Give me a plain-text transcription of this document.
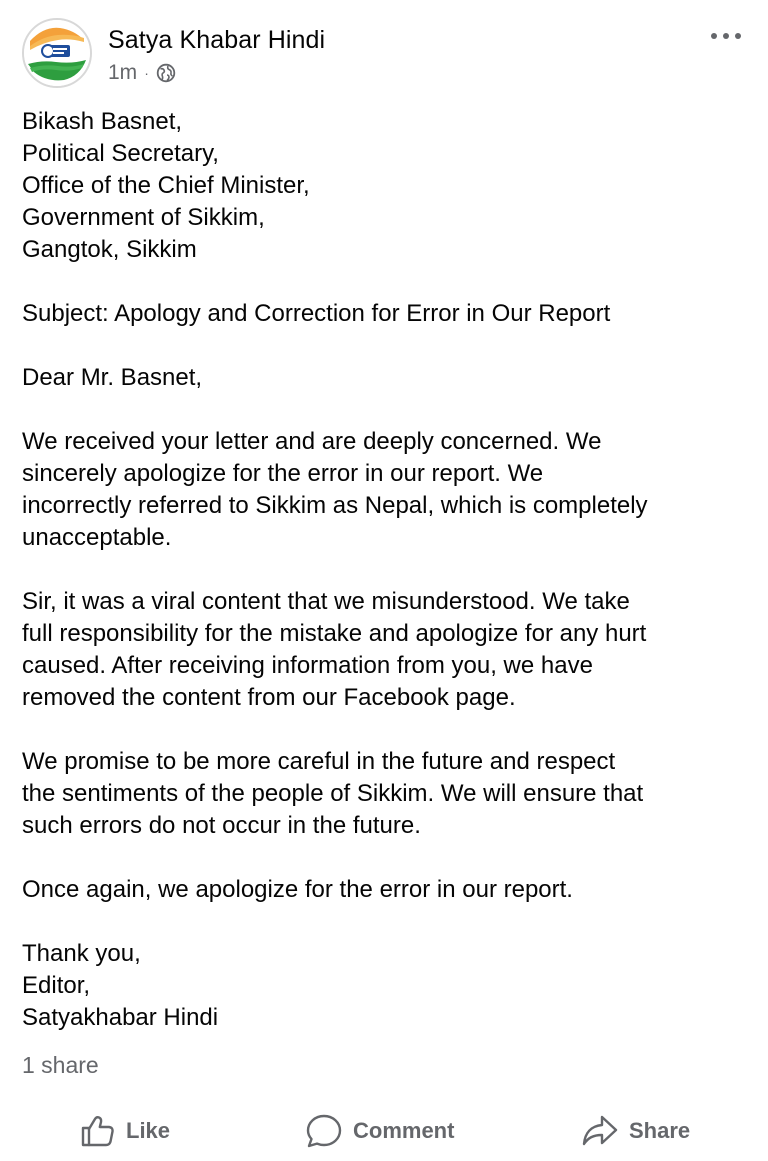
Satya Khabar Hindi
1m ·

Bikash Basnet,
Political Secretary,
Office of the Chief Minister,
Government of Sikkim,
Gangtok, Sikkim

Subject: Apology and Correction for Error in Our Report

Dear Mr. Basnet,

We received your letter and are deeply concerned. We
sincerely apologize for the error in our report. We
incorrectly referred to Sikkim as Nepal, which is completely
unacceptable.

Sir, it was a viral content that we misunderstood. We take
full responsibility for the mistake and apologize for any hurt
caused. After receiving information from you, we have
removed the content from our Facebook page.

We promise to be more careful in the future and respect
the sentiments of the people of Sikkim. We will ensure that
such errors do not occur in the future.

Once again, we apologize for the error in our report.

Thank you,
Editor,
Satyakhabar Hindi

1 share
Like	Comment	Share
